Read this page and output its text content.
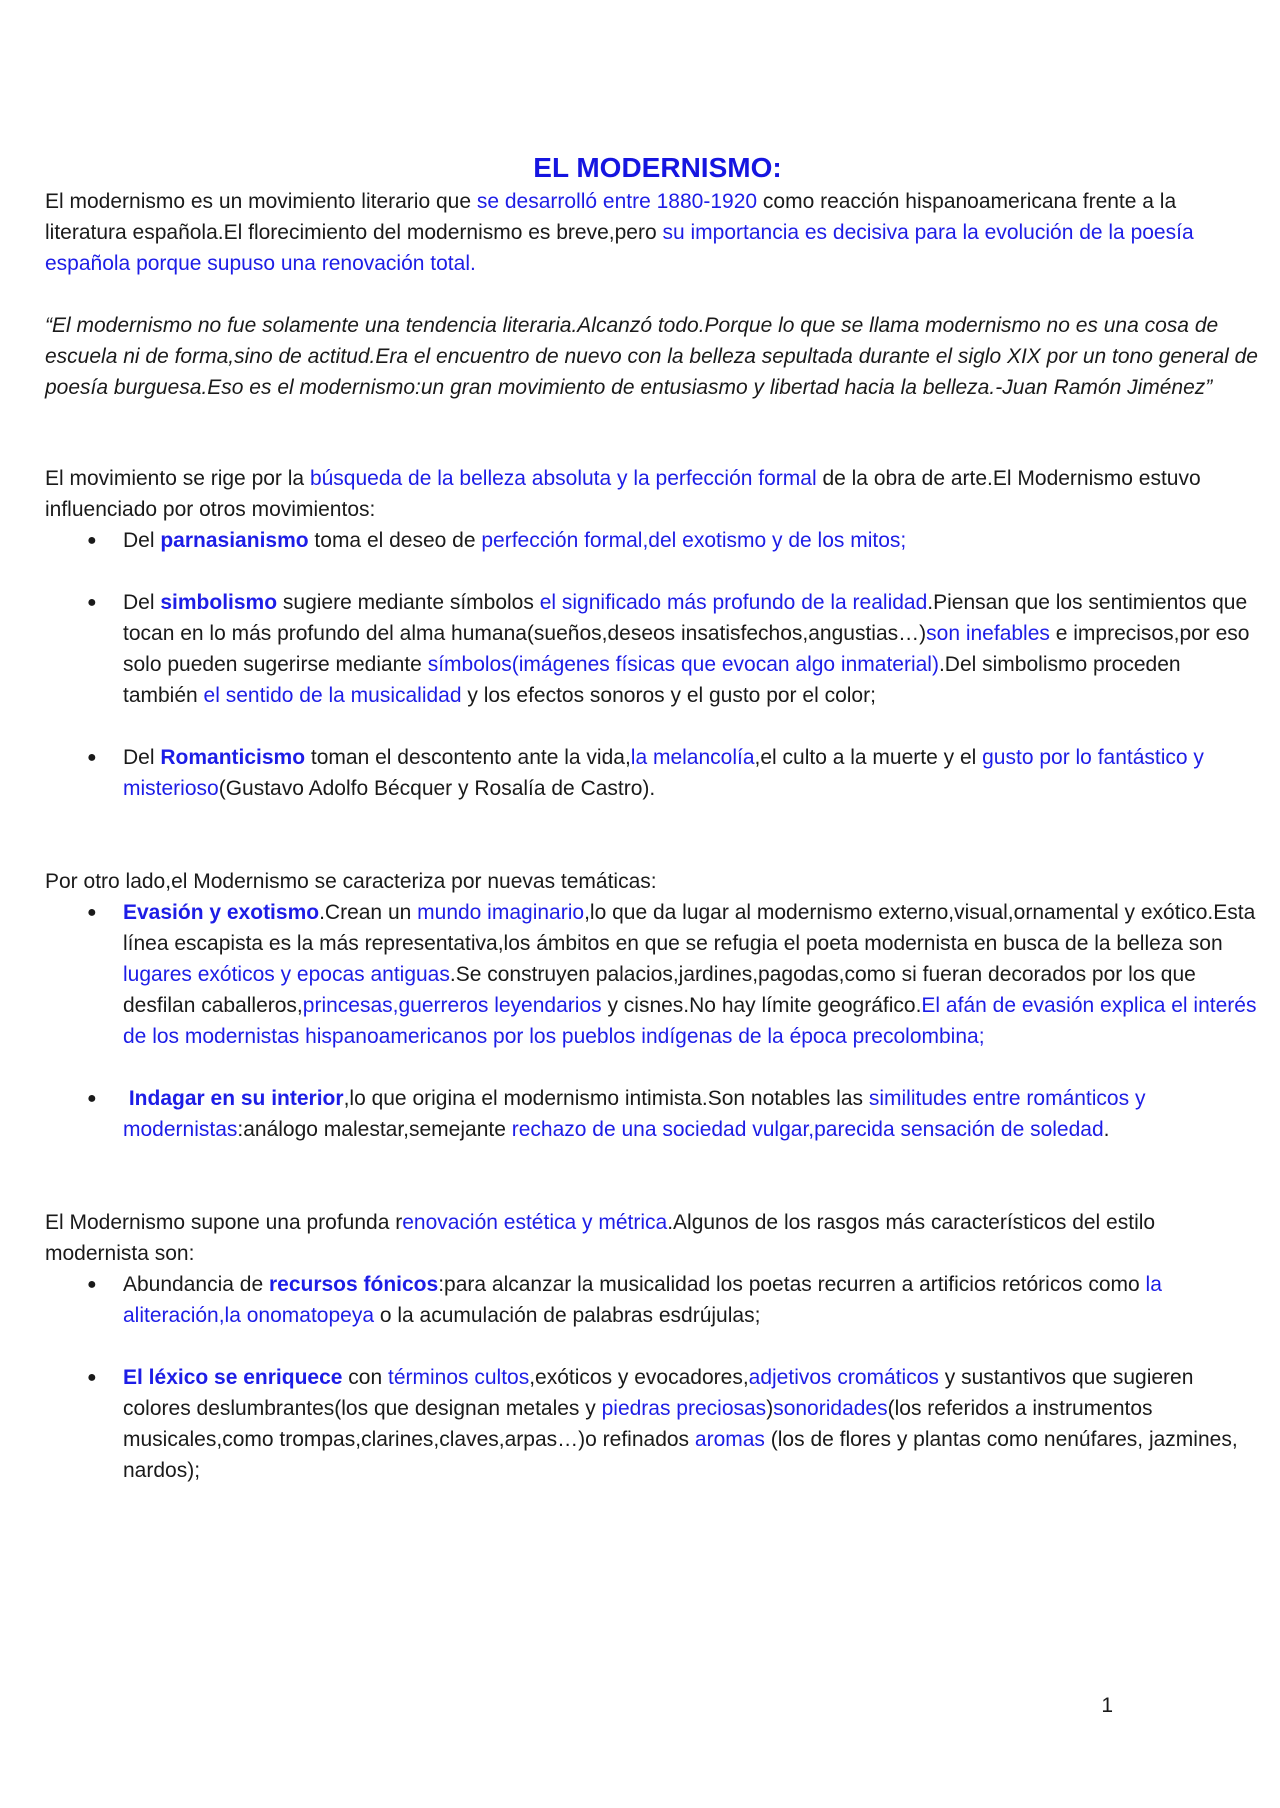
EL MODERNISMO:

El modernismo es un movimiento literario que se desarrolló entre 1880-1920 como reacción hispanoamericana frente a la literatura española.El florecimiento del modernismo es breve,pero su importancia es decisiva para la evolución de la poesía española porque supuso una renovación total.

“El modernismo no fue solamente una tendencia literaria.Alcanzó todo.Porque lo que se llama modernismo no es una cosa de escuela ni de forma,sino de actitud.Era el encuentro de nuevo con la belleza sepultada durante el siglo XIX por un tono general de poesía burguesa.Eso es el modernismo:un gran movimiento de entusiasmo y libertad hacia la belleza.-Juan Ramón Jiménez”

El movimiento se rige por la búsqueda de la belleza absoluta y la perfección formal de la obra de arte.El Modernismo estuvo influenciado por otros movimientos:

● Del parnasianismo toma el deseo de perfección formal,del exotismo y de los mitos;
● Del simbolismo sugiere mediante símbolos el significado más profundo de la realidad.Piensan que los sentimientos que tocan en lo más profundo del alma humana(sueños,deseos insatisfechos,angustias…)son inefables e imprecisos,por eso solo pueden sugerirse mediante símbolos(imágenes físicas que evocan algo inmaterial).Del simbolismo proceden también el sentido de la musicalidad y los efectos sonoros y el gusto por el color;
● Del Romanticismo toman el descontento ante la vida,la melancolía,el culto a la muerte y el gusto por lo fantástico y misterioso(Gustavo Adolfo Bécquer y Rosalía de Castro).

Por otro lado,el Modernismo se caracteriza por nuevas temáticas:

● Evasión y exotismo.Crean un mundo imaginario,lo que da lugar al modernismo externo,visual,ornamental y exótico.Esta línea escapista es la más representativa,los ámbitos en que se refugia el poeta modernista en busca de la belleza son lugares exóticos y epocas antiguas.Se construyen palacios,jardines,pagodas,como si fueran decorados por los que desfilan caballeros,princesas,guerreros leyendarios y cisnes.No hay límite geográfico.El afán de evasión explica el interés de los modernistas hispanoamericanos por los pueblos indígenas de la época precolombina;
● Indagar en su interior,lo que origina el modernismo intimista.Son notables las similitudes entre románticos y modernistas:análogo malestar,semejante rechazo de una sociedad vulgar,parecida sensación de soledad.

El Modernismo supone una profunda renovación estética y métrica.Algunos de los rasgos más característicos del estilo modernista son:

● Abundancia de recursos fónicos:para alcanzar la musicalidad los poetas recurren a artificios retóricos como la aliteración,la onomatopeya o la acumulación de palabras esdrújulas;
● El léxico se enriquece con términos cultos,exóticos y evocadores,adjetivos cromáticos y sustantivos que sugieren colores deslumbrantes(los que designan metales y piedras preciosas)sonoridades(los referidos a instrumentos musicales,como trompas,clarines,claves,arpas…)o refinados aromas (los de flores y plantas como nenúfares, jazmines, nardos);
1
